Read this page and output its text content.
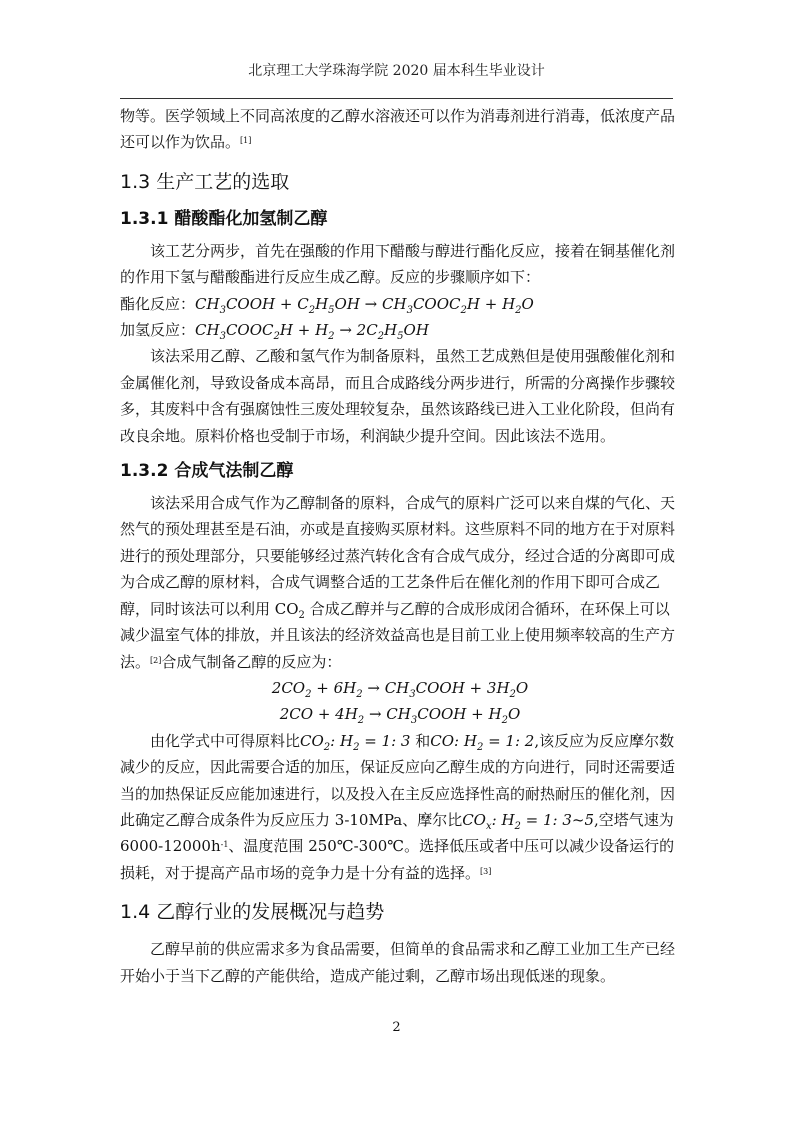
北京理工大学珠海学院 2020 届本科生毕业设计

物等。医学领域上不同高浓度的乙醇水溶液还可以作为消毒剂进行消毒，低浓度产品还可以作为饮品。[1]

1.3 生产工艺的选取
1.3.1 醋酸酯化加氢制乙醇

该工艺分两步，首先在强酸的作用下醋酸与醇进行酯化反应，接着在铜基催化剂的作用下氢与醋酸酯进行反应生成乙醇。反应的步骤顺序如下：

酯化反应：$CH_3COOH + C_2H_5OH$ → $CH_3COOC_2H + H_2O$

加氢反应：$CH_3COOC_2H + H_2 \to 2C_2H_5OH$

该法采用乙醇、乙酸和氢气作为制备原料，虽然工艺成熟但是使用强酸催化剂和金属催化剂，导致设备成本高昂，而且合成路线分两步进行，所需的分离操作步骤较多，其废料中含有强腐蚀性三废处理较复杂，虽然该路线已进入工业化阶段，但尚有改良余地。原料价格也受制于市场，利润缺少提升空间。因此该法不选用。

1.3.2 合成气法制乙醇

该法采用合成气作为乙醇制备的原料，合成气的原料广泛可以来自煤的气化、天然气的预处理甚至是石油，亦或是直接购买原材料。这些原料不同的地方在于对原料进行的预处理部分，只要能够经过蒸汽转化含有合成气成分，经过合适的分离即可成为合成乙醇的原材料，合成气调整合适的工艺条件后在催化剂的作用下即可合成乙醇，同时该法可以利用 $CO_2$ 合成乙醇并与乙醇的合成形成闭合循环，在环保上可以减少温室气体的排放，并且该法的经济效益高也是目前工业上使用频率较高的生产方法。[2]合成气制备乙醇的反应为：

$2CO_2 + 6H_2$ → $CH_3COOH + 3H_2O$

$2CO + 4H_2$ → $CH_3COOH + H_2O$

由化学式中可得原料比$CO_2$: $H_2 = 1$: 3 和CO: $H_2 = 1$: 2,该反应为反应摩尔数减少的反应，因此需要合适的加压，保证反应向乙醇生成的方向进行，同时还需要适当的加热保证反应能加速进行，以及投入在主反应选择性高的耐热耐压的催化剂，因此确定乙醇合成条件为反应压力 3-10MPa、摩尔比$CO_x$: $H_2 = 1$: 3~5,空塔气速为 $6000-12000h^{-1}$、温度范围 250℃-300℃。选择低压或者中压可以减少设备运行的损耗，对于提高产品市场的竞争力是十分有益的选择。[3]

1.4 乙醇行业的发展概况与趋势

乙醇早前的供应需求多为食品需要，但简单的食品需求和乙醇工业加工生产已经开始小于当下乙醇的产能供给，造成产能过剩，乙醇市场出现低迷的现象。

2
